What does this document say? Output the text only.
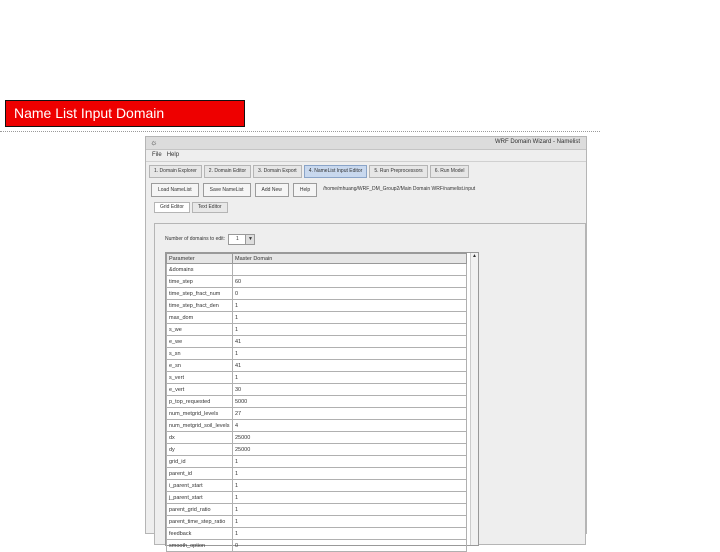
Name List Input Domain
☼	WRF Domain Wizard - Namelist
File Help
1. Domain Explorer 2. Domain Editor 3. Domain Export 4. NameList Input Editor 5. Run Preprocessors 6. Run Model
Load NameList	Save NameList	Add New	Help	/home/mhuang/WRF_DM_Group2/Main Domain WRF/namelist.input
Grid Editor	Text Editor
Number of domains to edit: 1 ▼
Parameter	Master Domain
&domains	
time_step	60
time_step_fract_num	0
time_step_fract_den	1
max_dom	1
s_we	1
e_we	41
s_sn	1
e_sn	41
s_vert	1
e_vert	30
p_top_requested	5000
num_metgrid_levels	27
num_metgrid_soil_levels	4
dx	25000
dy	25000
grid_id	1
parent_id	1
i_parent_start	1
j_parent_start	1
parent_grid_ratio	1
parent_time_step_ratio	1
feedback	1
smooth_option	0
▲
